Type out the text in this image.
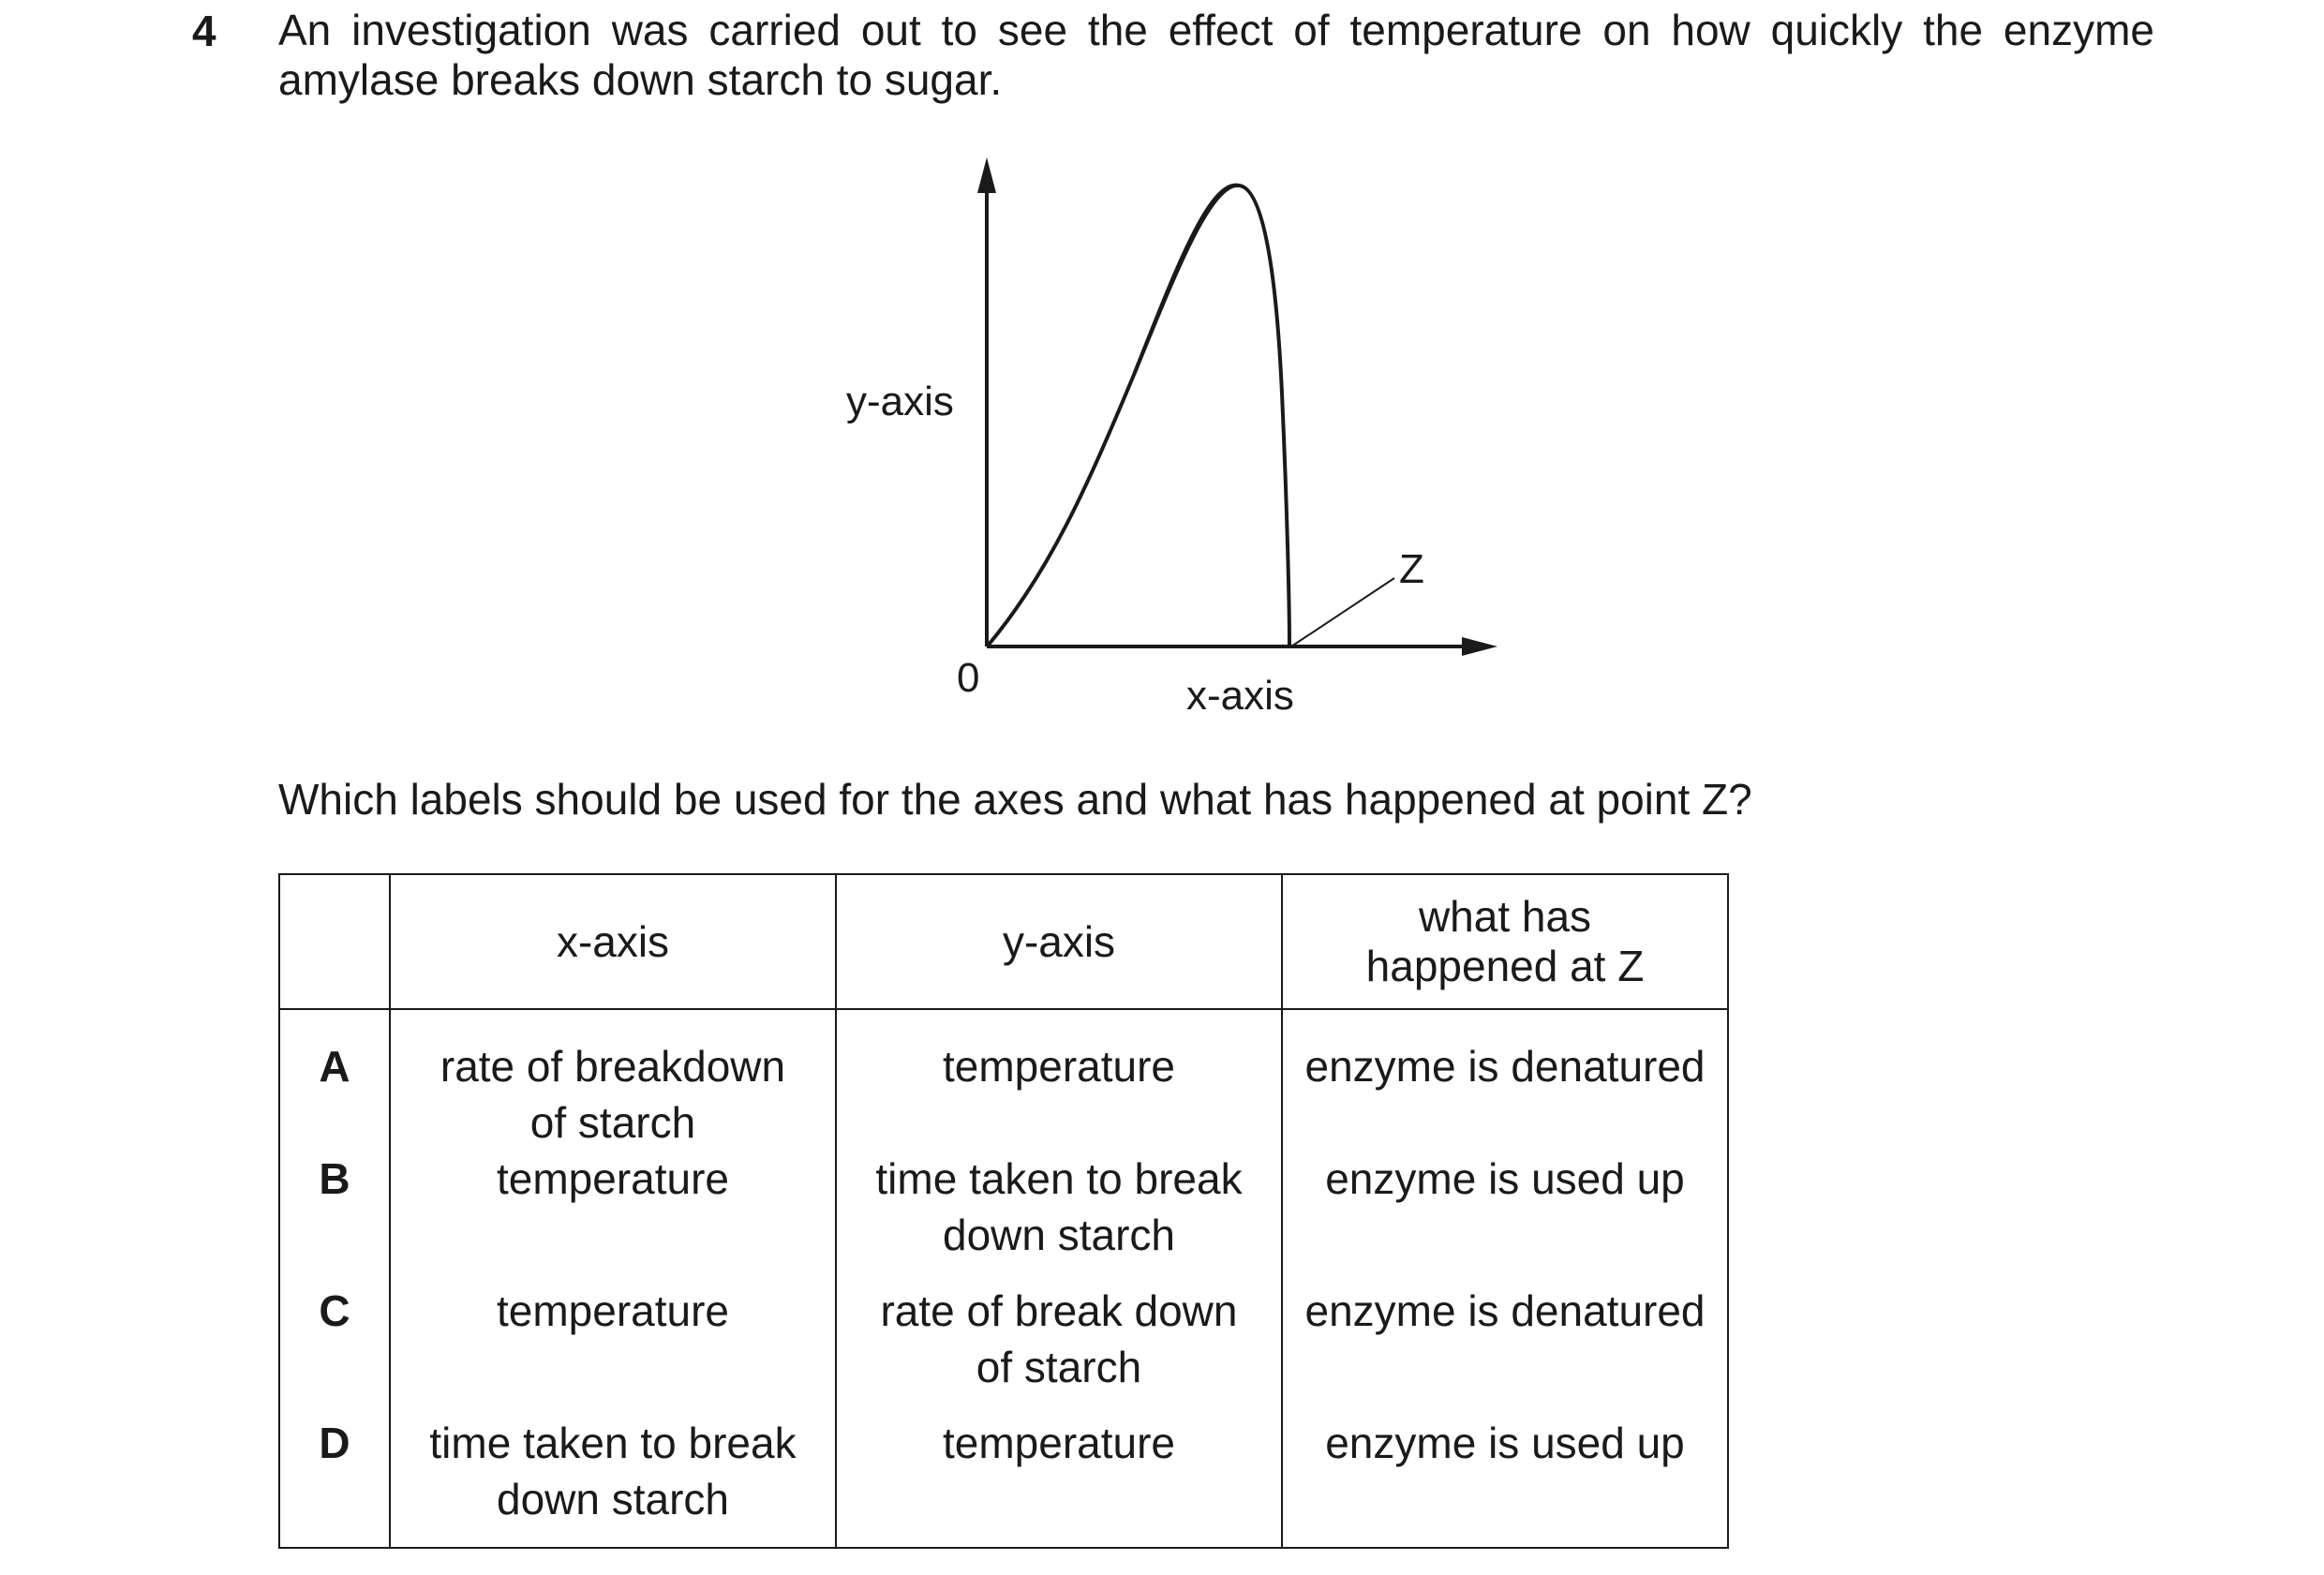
4 An investigation was carried out to see the effect of temperature on how quickly the enzyme amylase breaks down starch to sugar.
y-axis
x-axis
0
Z
Which labels should be used for the axes and what has happened at point Z?
	x-axis	y-axis	what has happened at Z

A	rate of breakdown of starch	temperature	enzyme is denatured
B	temperature	time taken to break down starch	enzyme is used up
C	temperature	rate of break down of starch	enzyme is denatured
D	time taken to break down starch	temperature	enzyme is used up
